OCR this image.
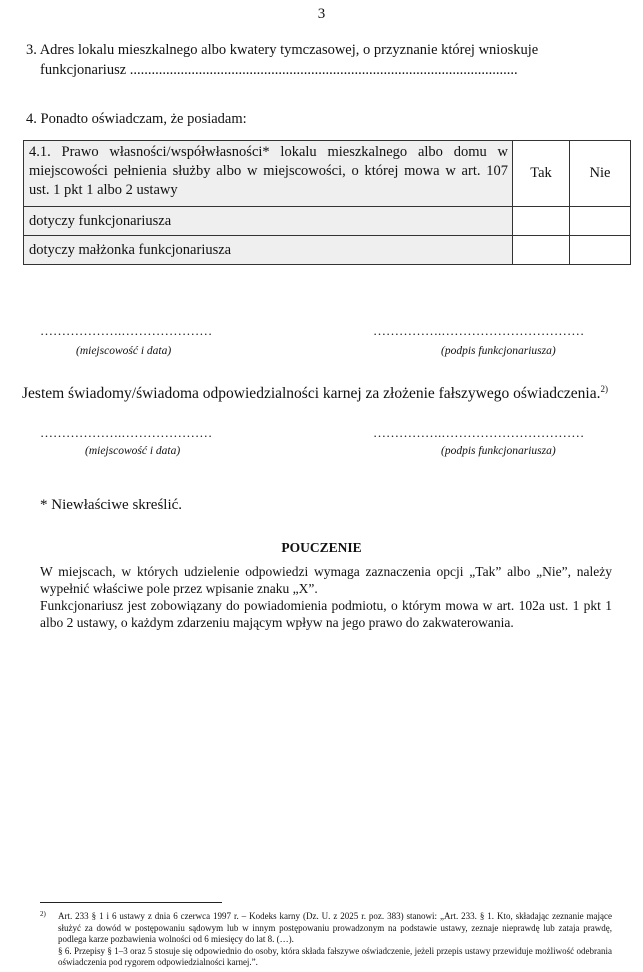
3
3. Adres lokalu mieszkalnego albo kwatery tymczasowej, o przyznanie której wnioskuje
funkcjonariusz ...........................................................................................................
4. Ponadto oświadczam, że posiadam:
4.1. Prawo własności/współwłasności* lokalu mieszkalnego albo domu w miejscowości pełnienia służby albo w miejscowości, o której mowa w art. 107 ust. 1 pkt 1 albo 2 ustawy	Tak	Nie
dotyczy funkcjonariusza		
dotyczy małżonka funkcjonariusza		
……………….…………………	…………….……………………………
(miejscowość i data)	(podpis funkcjonariusza)
Jestem świadomy/świadoma odpowiedzialności karnej za złożenie fałszywego oświadczenia.$^{2)}$
……………….…………………	…………….……………………………
(miejscowość i data)	(podpis funkcjonariusza)
* Niewłaściwe skreślić.
POUCZENIE
W miejscach, w których udzielenie odpowiedzi wymaga zaznaczenia opcji „Tak” albo „Nie”, należy wypełnić właściwe pole przez wpisanie znaku „X”.
Funkcjonariusz jest zobowiązany do powiadomienia podmiotu, o którym mowa w art. 102a ust. 1 pkt 1 albo 2 ustawy, o każdym zdarzeniu mającym wpływ na jego prawo do zakwaterowania.
2)	Art. 233 § 1 i 6 ustawy z dnia 6 czerwca 1997 r. – Kodeks karny (Dz. U. z 2025 r. poz. 383) stanowi: „Art. 233. § 1. Kto, składając zeznanie mające służyć za dowód w postępowaniu sądowym lub w innym postępowaniu prowadzonym na podstawie ustawy, zeznaje nieprawdę lub zataja prawdę, podlega karze pozbawienia wolności od 6 miesięcy do lat 8. (…).

§ 6. Przepisy § 1–3 oraz 5 stosuje się odpowiednio do osoby, która składa fałszywe oświadczenie, jeżeli przepis ustawy przewiduje możliwość odebrania oświadczenia pod rygorem odpowiedzialności karnej.”.
